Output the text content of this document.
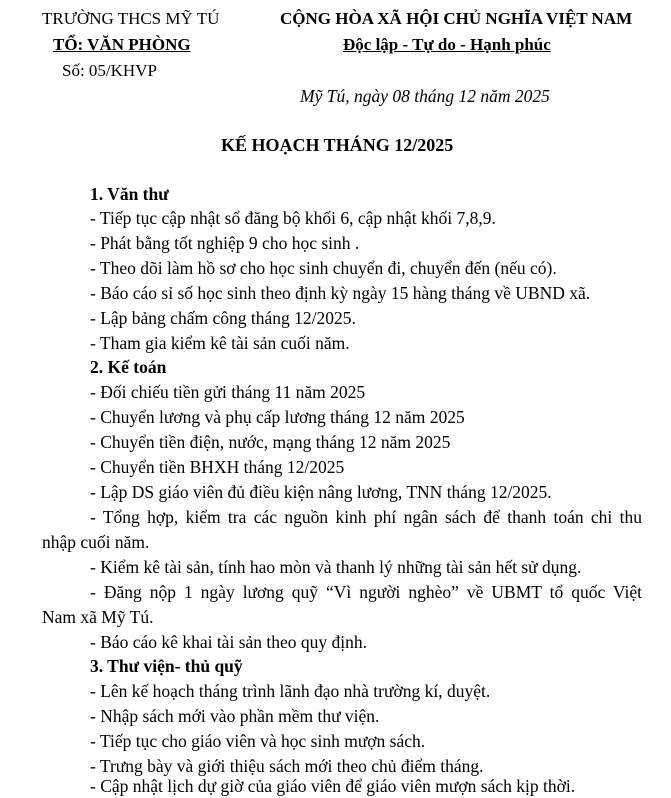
TRƯỜNG THCS MỸ TÚ
TỔ: VĂN PHÒNG
Số: 05/KHVP
CỘNG HÒA XÃ HỘI CHỦ NGHĨA VIỆT NAM
Độc lập - Tự do - Hạnh phúc
Mỹ Tú, ngày 08 tháng 12 năm 2025
KẾ HOẠCH THÁNG 12/2025
1. Văn thư
- Tiếp tục cập nhật sổ đăng bộ khối 6, cập nhật khối 7,8,9.
- Phát bằng tốt nghiệp 9 cho học sinh .
- Theo dõi làm hồ sơ cho học sinh chuyển đi, chuyển đến (nếu có).
- Báo cáo sỉ số học sinh theo định kỳ ngày 15 hàng tháng về UBND xã.
- Lập bảng chấm công tháng 12/2025.
- Tham gia kiểm kê tài sản cuối năm.
2. Kế toán
- Đối chiếu tiền gửi tháng 11 năm 2025
- Chuyển lương và phụ cấp lương tháng 12 năm 2025
- Chuyển tiền điện, nước, mạng tháng 12 năm 2025
- Chuyển tiền BHXH tháng 12/2025
- Lập DS giáo viên đủ điều kiện nâng lương, TNN tháng 12/2025.
- Tổng hợp, kiểm tra các nguồn kinh phí ngân sách để thanh toán chi thu
nhập cuối năm.
- Kiểm kê tài sản, tính hao mòn và thanh lý những tài sản hết sử dụng.
- Đăng nộp 1 ngày lương quỹ “Vì người nghèo” về UBMT tổ quốc Việt
Nam xã Mỹ Tú.
- Báo cáo kê khai tài sản theo quy định.
3. Thư viện- thủ quỹ
- Lên kế hoạch tháng trình lãnh đạo nhà trường kí, duyệt.
- Nhập sách mới vào phần mềm thư viện.
- Tiếp tục cho giáo viên và học sinh mượn sách.
- Trưng bày và giới thiệu sách mới theo chủ điểm tháng.
- Cập nhật lịch dự giờ của giáo viên để giáo viên mượn sách kịp thời.
